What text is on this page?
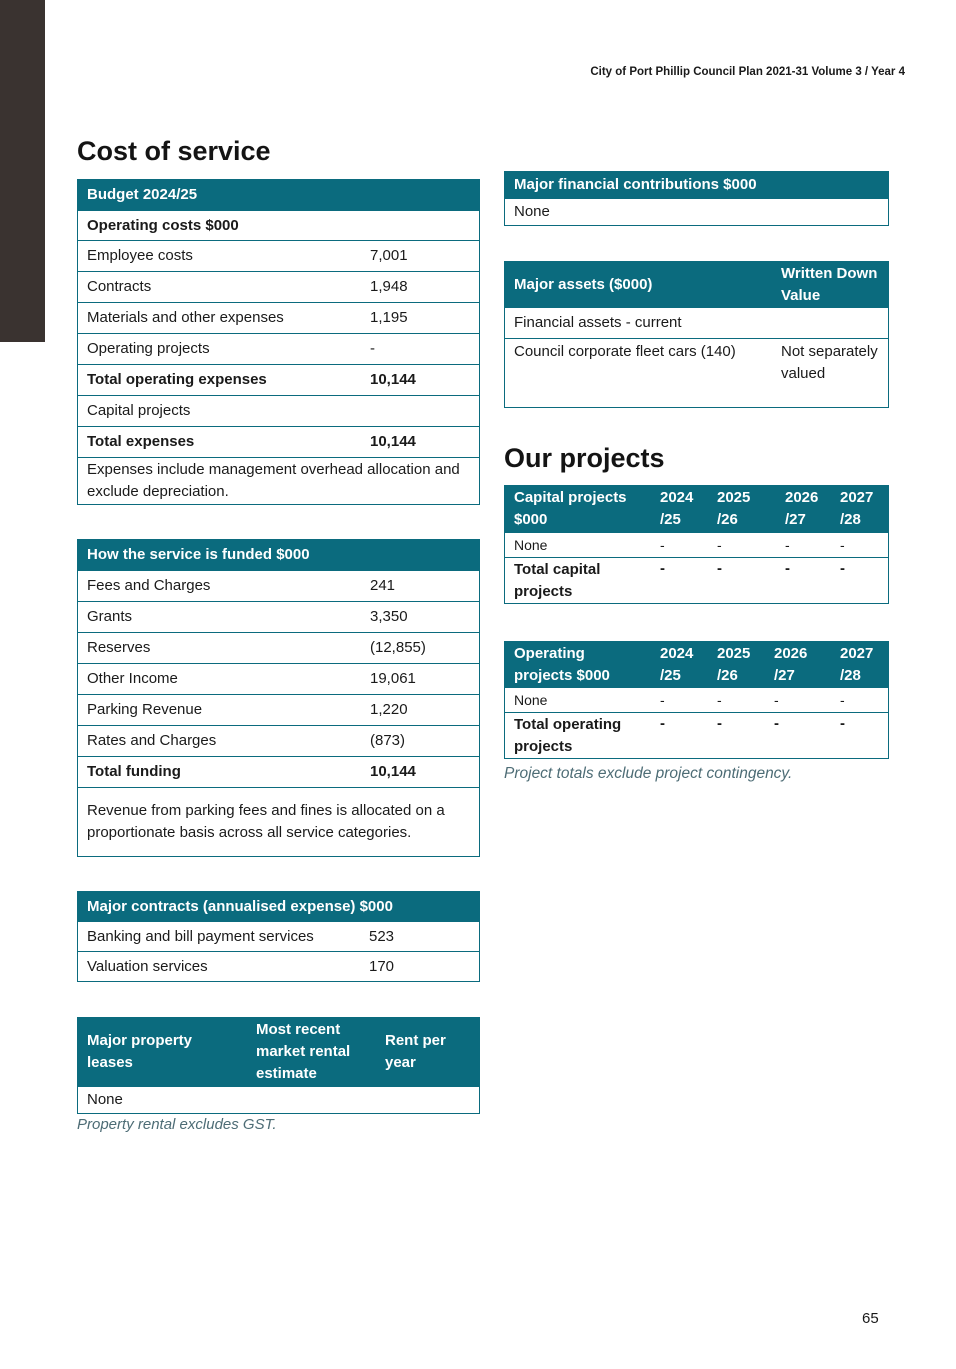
City of Port Phillip Council Plan 2021-31 Volume 3 / Year 4
Cost of service
Budget 2024/25	
Operating costs $000	
Employee costs	7,001
Contracts	1,948
Materials and other expenses	1,195
Operating projects	-
Total operating expenses	10,144
Capital projects	
Total expenses	10,144
Expenses include management overhead allocation and exclude depreciation.	
How the service is funded $000	
Fees and Charges	241
Grants	3,350
Reserves	(12,855)
Other Income	19,061
Parking Revenue	1,220
Rates and Charges	(873)
Total funding	10,144
Revenue from parking fees and fines is allocated on a proportionate basis across all service categories.	
Major contracts (annualised expense) $000	
Banking and bill payment services	523
Valuation services	170
Major property leases	Most recent market rental estimate	Rent per year
None
Property rental excludes GST.
Major financial contributions $000
None
Major assets ($000)	Written Down Value
Financial assets - current	
Council corporate fleet cars (140)	Not separately valued
Our projects
Capital projects $000	2024 /25	2025 /26	2026 /27	2027 /28
None	-	-	-	-
Total capital projects	-	-	-	-
Operating projects $000	2024 /25	2025 /26	2026 /27	2027 /28
None	-	-	-	-
Total operating projects	-	-	-	-
Project totals exclude project contingency.
65
